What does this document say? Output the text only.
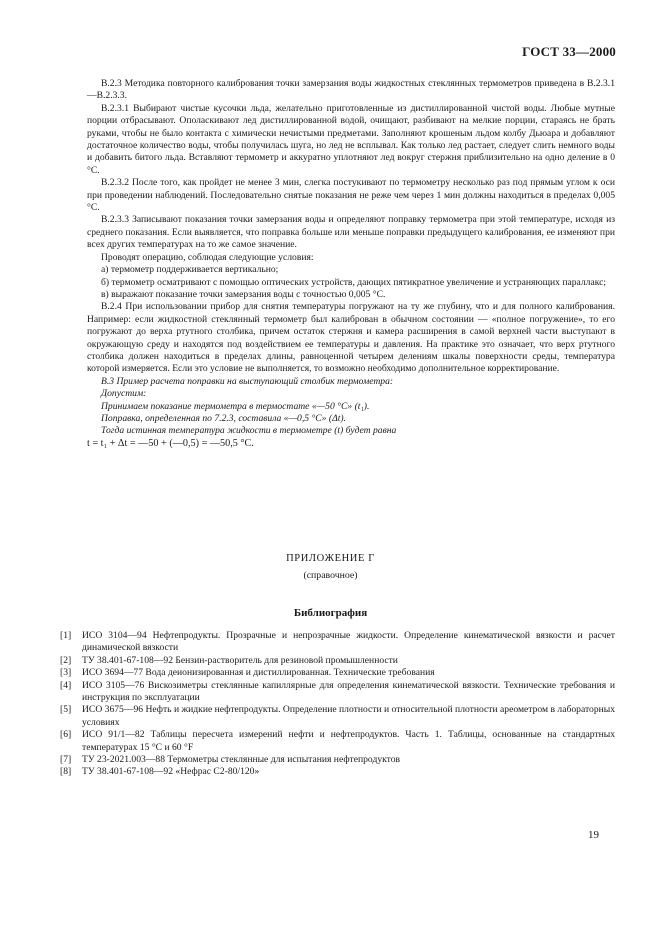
ГОСТ 33—2000

В.2.3 Методика повторного калибрования точки замерзания воды жидкостных стеклянных термометров приведена в В.2.3.1—В.2.3.3.

В.2.3.1 Выбирают чистые кусочки льда, желательно приготовленные из дистиллированной чистой воды. Любые мутные порции отбрасывают. Ополаскивают лед дистиллированной водой, очищают, разбивают на мелкие порции, стараясь не брать руками, чтобы не было контакта с химически нечистыми предметами. Заполняют крошеным льдом колбу Дьюара и добавляют достаточное количество воды, чтобы получилась шуга, но лед не всплывал. Как только лед растает, следует слить немного воды и добавить битого льда. Вставляют термометр и аккуратно уплотняют лед вокруг стержня приблизительно на одно деление в 0 °С.

В.2.3.2 После того, как пройдет не менее 3 мин, слегка постукивают по термометру несколько раз под прямым углом к оси при проведении наблюдений. Последовательно снятые показания не реже чем через 1 мин должны находиться в пределах 0,005 °С.

В.2.3.3 Записывают показания точки замерзания воды и определяют поправку термометра при этой температуре, исходя из среднего показания. Если выявляется, что поправка больше или меньше поправки предыдущего калибрования, ее изменяют при всех других температурах на то же самое значение.

Проводят операцию, соблюдая следующие условия:

а) термометр поддерживается вертикально;

б) термометр осматривают с помощью оптических устройств, дающих пятикратное увеличение и устраняющих параллакс;

в) выражают показание точки замерзания воды с точностью 0,005 °С.

В.2.4 При использовании прибор для снятия температуры погружают на ту же глубину, что и для полного калибрования. Например: если жидкостной стеклянный термометр был калиброван в обычном состоянии — «полное погружение», то его погружают до верха ртутного столбика, причем остаток стержня и камера расширения в самой верхней части выступают в окружающую среду и находятся под воздействием ее температуры и давления. На практике это означает, что верх ртутного столбика должен находиться в пределах длины, равноценной четырем делениям шкалы поверхности среды, температура которой измеряется. Если это условие не выполняется, то возможно необходимо дополнительное корректирование.

В.3 Пример расчета поправки на выступающий столбик термометра:

Допустим:

Принимаем показание термометра в термостате «—50 °С» (t₁).

Поправка, определенная по 7.2.3, составила «—0,5 °С» (Δt).

Тогда истинная температура жидкости в термометре (t) будет равна

t = t₁ + Δt = —50 + (—0,5) = —50,5 °С.

ПРИЛОЖЕНИЕ Г
(справочное)
Библиография
[1]	ИСО 3104—94 Нефтепродукты. Прозрачные и непрозрачные жидкости. Определение кинематической вязкости и расчет динамической вязкости
[2]	ТУ 38.401-67-108—92 Бензин-растворитель для резиновой промышленности
[3]	ИСО 3694—77 Вода деионизированная и дистиллированная. Технические требования
[4]	ИСО 3105—76 Вискозиметры стеклянные капиллярные для определения кинематической вязкости. Технические требования и инструкция по эксплуатации
[5]	ИСО 3675—96 Нефть и жидкие нефтепродукты. Определение плотности и относительной плотности ареометром в лабораторных условиях
[6]	ИСО 91/1—82 Таблицы пересчета измерений нефти и нефтепродуктов. Часть 1. Таблицы, основанные на стандартных температурах 15 °С и 60 °F
[7]	ТУ 23-2021.003—88 Термометры стеклянные для испытания нефтепродуктов
[8]	ТУ 38.401-67-108—92 «Нефрас С2-80/120»
19
